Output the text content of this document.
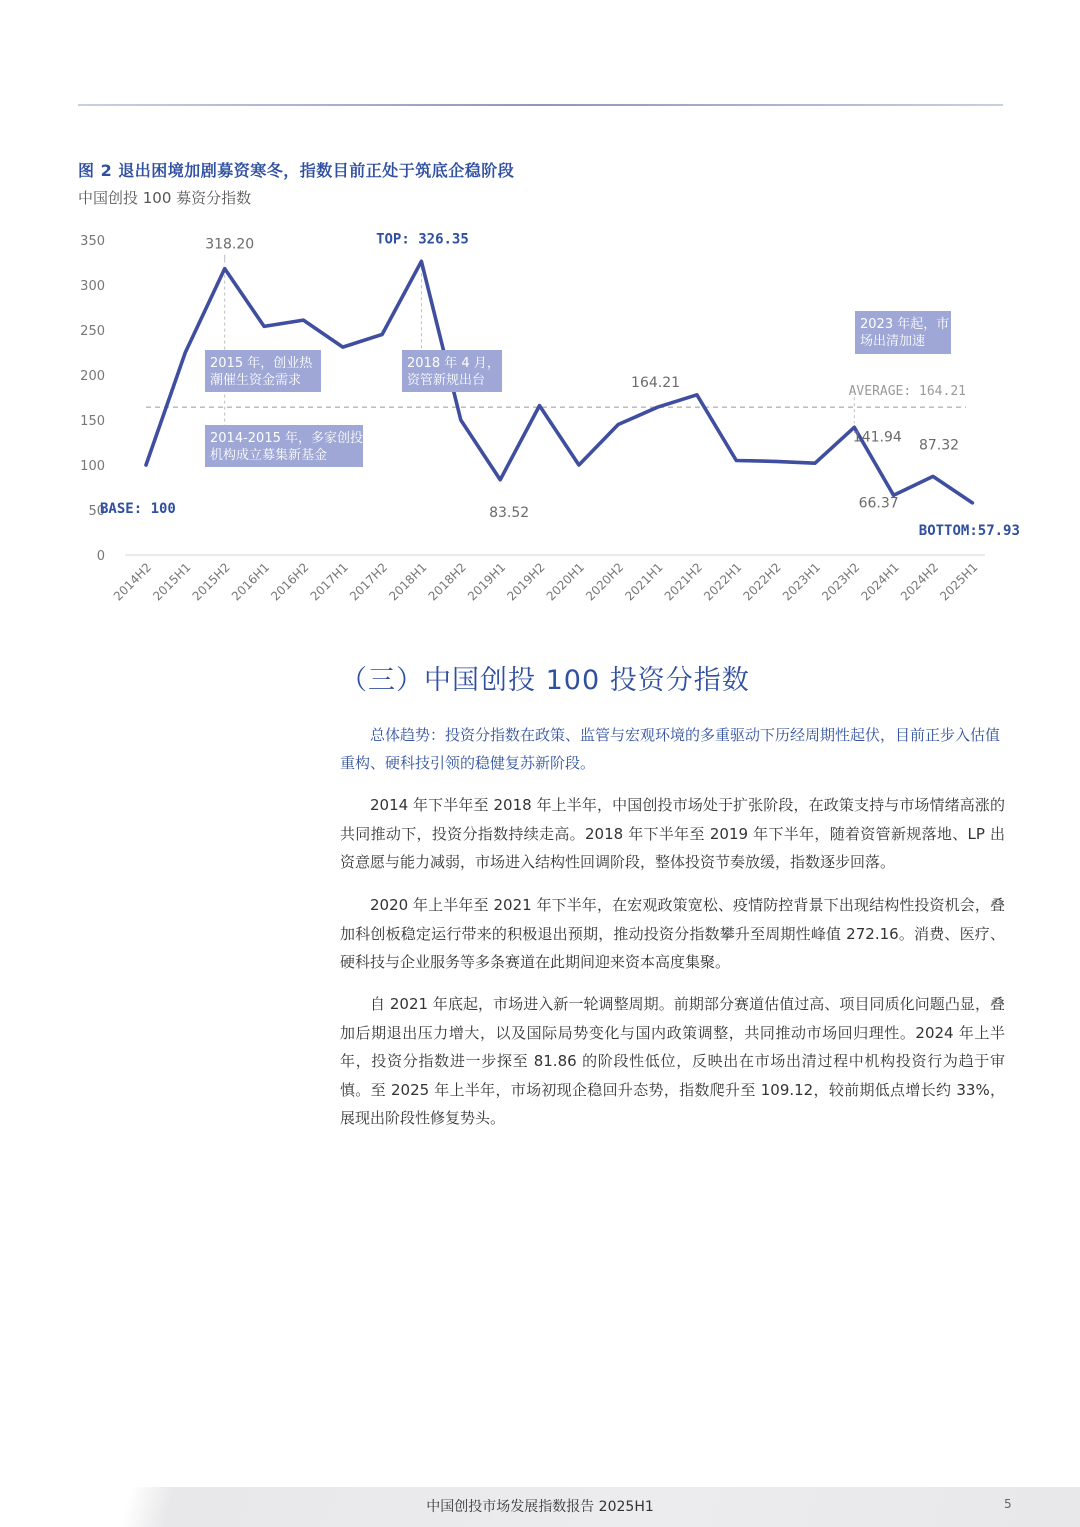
图 2 退出困境加剧募资寒冬，指数目前正处于筑底企稳阶段
中国创投 100 募资分指数
0
50
100
150
200
250
300
350
2014H2
2015H1
2015H2
2016H1
2016H2
2017H1
2017H2
2018H1
2018H2
2019H1
2019H2
2020H1
2020H2
2021H1
2021H2
2022H1
2022H2
2023H1
2023H2
2024H1
2024H2
2025H1
AVERAGE: 164.21
BASE: 100
318.20	TOP: 326.35
83.52
164.21
141.94
66.37
87.32
BOTTOM:57.93
2015 年，创业热
潮催生资金需求
2014-2015 年，多家创投
机构成立募集新基金
2018 年 4 月，
资管新规出台
2023 年起，市
场出清加速
（三）中国创投 100 投资分指数
总体趋势：投资分指数在政策、监管与宏观环境的多重驱动下历经周期性起伏，目前正步入估值重构、硬科技引领的稳健复苏新阶段。
2014 年下半年至 2018 年上半年，中国创投市场处于扩张阶段，在政策支持与市场情绪高涨的共同推动下，投资分指数持续走高。2018 年下半年至 2019 年下半年，随着资管新规落地、LP 出资意愿与能力减弱，市场进入结构性回调阶段，整体投资节奏放缓，指数逐步回落。
2020 年上半年至 2021 年下半年，在宏观政策宽松、疫情防控背景下出现结构性投资机会，叠加科创板稳定运行带来的积极退出预期，推动投资分指数攀升至周期性峰值 272.16。消费、医疗、硬科技与企业服务等多条赛道在此期间迎来资本高度集聚。
自 2021 年底起，市场进入新一轮调整周期。前期部分赛道估值过高、项目同质化问题凸显，叠加后期退出压力增大，以及国际局势变化与国内政策调整，共同推动市场回归理性。2024 年上半年，投资分指数进一步探至 81.86 的阶段性低位，反映出在市场出清过程中机构投资行为趋于审慎。至 2025 年上半年，市场初现企稳回升态势，指数爬升至 109.12，较前期低点增长约 33%，展现出阶段性修复势头。
中国创投市场发展指数报告 2025H1	5
